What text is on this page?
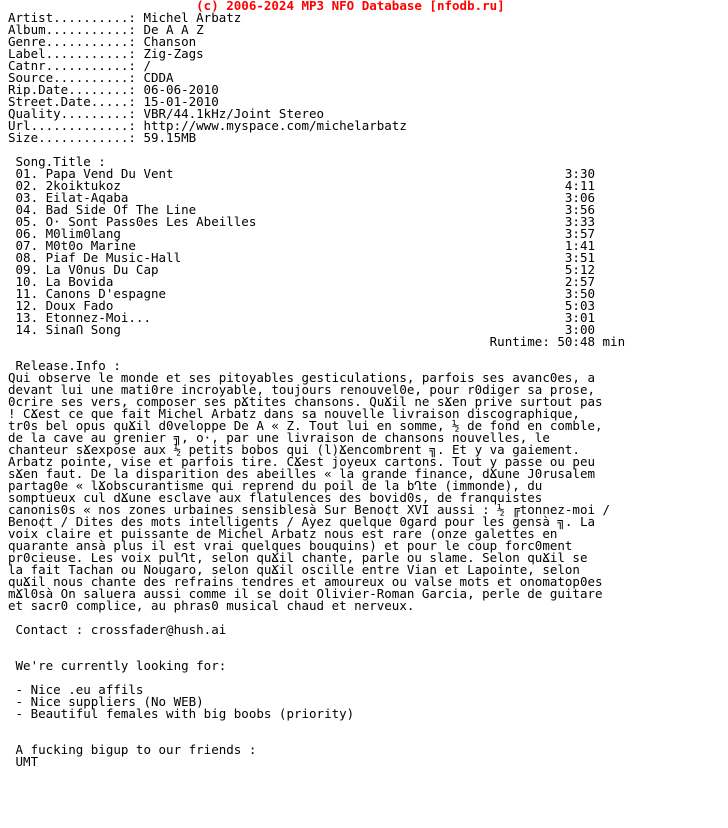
(c) 2006-2024 MP3 NFO Database [nfodb.ru]
Artist..........: Michel Arbatz
Album...........: De A A Z
Genre...........: Chanson
Label...........: Zig-Zags
Catnr...........: /
Source..........: CDDA
Rip.Date........: 06-06-2010
Street.Date.....: 15-01-2010
Quality.........: VBR/44.1kHz/Joint Stereo
Url.............: http://www.myspace.com/michelarbatz
Size............: 59.15MB
Song.Title :
01. Papa Vend Du Vent                                                    3:30
02. 2koiktukoz                                                           4:11
03. Eilat-Aqaba                                                          3:06
04. Bad Side Of The Line                                                 3:56
05. O· Sont Pass0es Les Abeilles                                         3:33
06. M0lim0lang                                                           3:57
07. M0t0o Marine                                                         1:41
08. Piaf De Music-Hall                                                   3:51
09. La V0nus Du Cap                                                      5:12
10. La Bovida                                                            2:57
11. Canons D'espagne                                                     3:50
12. Doux Fado                                                            5:03
13. Etonnez-Moi...                                                       3:01
14. SinaՈ Song                                                           3:00
Runtime: 50:48 min
Release.Info :
Qui observe le monde et ses pitoyables gesticulations, parfois ses avanc0es, a
devant lui une mati0re incroyable, toujours renouvel0e, pour r0diger sa prose,
0crire ses vers, composer ses pՃtites chansons. QuՃil ne sՃen prive surtout pas
! CՃest ce que fait Michel Arbatz dans sa nouvelle livraison discographique,
tr0s bel opus quՃil d0veloppe De A « Z. Tout lui en somme, ½ de fond en comble,
de la cave au grenier ╗, o·, par une livraison de chansons nouvelles, le
chanteur sՃexpose aux ½ petits bobos qui (l)Ճencombrent ╗. Et y va gaiement.
Arbatz pointe, vise et parfois tire. CՃest joyeux cartons. Tout y passe ou peu
sՃen faut. De la disparition des abeilles « la grande finance, dՃune J0rusalem
partag0e « lՃobscurantisme qui reprend du poil de la bՂte (immonde), du
somptueux cul dՃune esclave aux flatulences des bovid0s, de franquistes
canonis0s « nos zones urbaines sensiblesà Sur Beno¢t XVI aussi : ½ ╔tonnez-moi /
Beno¢t / Dites des mots intelligents / Ayez quelque 0gard pour les gensà ╗. La
voix claire et puissante de Michel Arbatz nous est rare (onze galettes en
quarante ansà plus il est vrai quelques bouquins) et pour le coup forc0ment
pr0cieuse. Les voix pulՂt, selon quՃil chante, parle ou slame. Selon quՃil se
la fait Tachan ou Nougaro, selon quՃil oscille entre Vian et Lapointe, selon
quՃil nous chante des refrains tendres et amoureux ou valse mots et onomatop0es
mՃl0sà On saluera aussi comme il se doit Olivier-Roman Garcia, perle de guitare
et sacr0 complice, au phras0 musical chaud et nerveux.
Contact : crossfader@hush.ai
We're currently looking for:
- Nice .eu affils
- Nice suppliers (No WEB)
- Beautiful females with big boobs (priority)
A fucking bigup to our friends :
UMT
